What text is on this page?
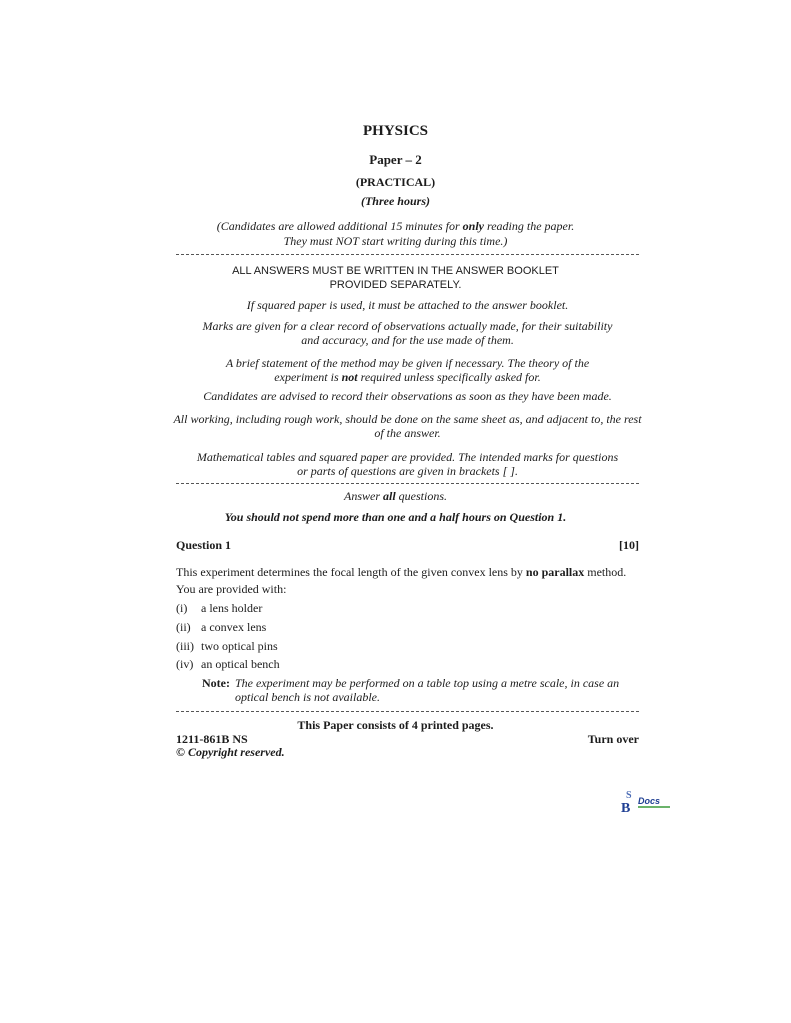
PHYSICS
Paper – 2
(PRACTICAL)
(Three hours)
(Candidates are allowed additional 15 minutes for only reading the paper.
They must NOT start writing during this time.)
ALL ANSWERS MUST BE WRITTEN IN THE ANSWER BOOKLET
PROVIDED SEPARATELY.
If squared paper is used, it must be attached to the answer booklet.
Marks are given for a clear record of observations actually made, for their suitability
and accuracy, and for the use made of them.
A brief statement of the method may be given if necessary. The theory of the
experiment is not required unless specifically asked for.
Candidates are advised to record their observations as soon as they have been made.
All working, including rough work, should be done on the same sheet as, and adjacent to, the rest
of the answer.
Mathematical tables and squared paper are provided. The intended marks for questions
or parts of questions are given in brackets [ ].
Answer all questions.
You should not spend more than one and a half hours on Question 1.
Question 1	[10]
This experiment determines the focal length of the given convex lens by no parallax method.
You are provided with:
(i) a lens holder
(ii) a convex lens
(iii) two optical pins
(iv) an optical bench
Note: The experiment may be performed on a table top using a metre scale, in case an
optical bench is not available.
This Paper consists of 4 printed pages.
1211-861B NS	Turn over
© Copyright reserved.
S
B Docs
